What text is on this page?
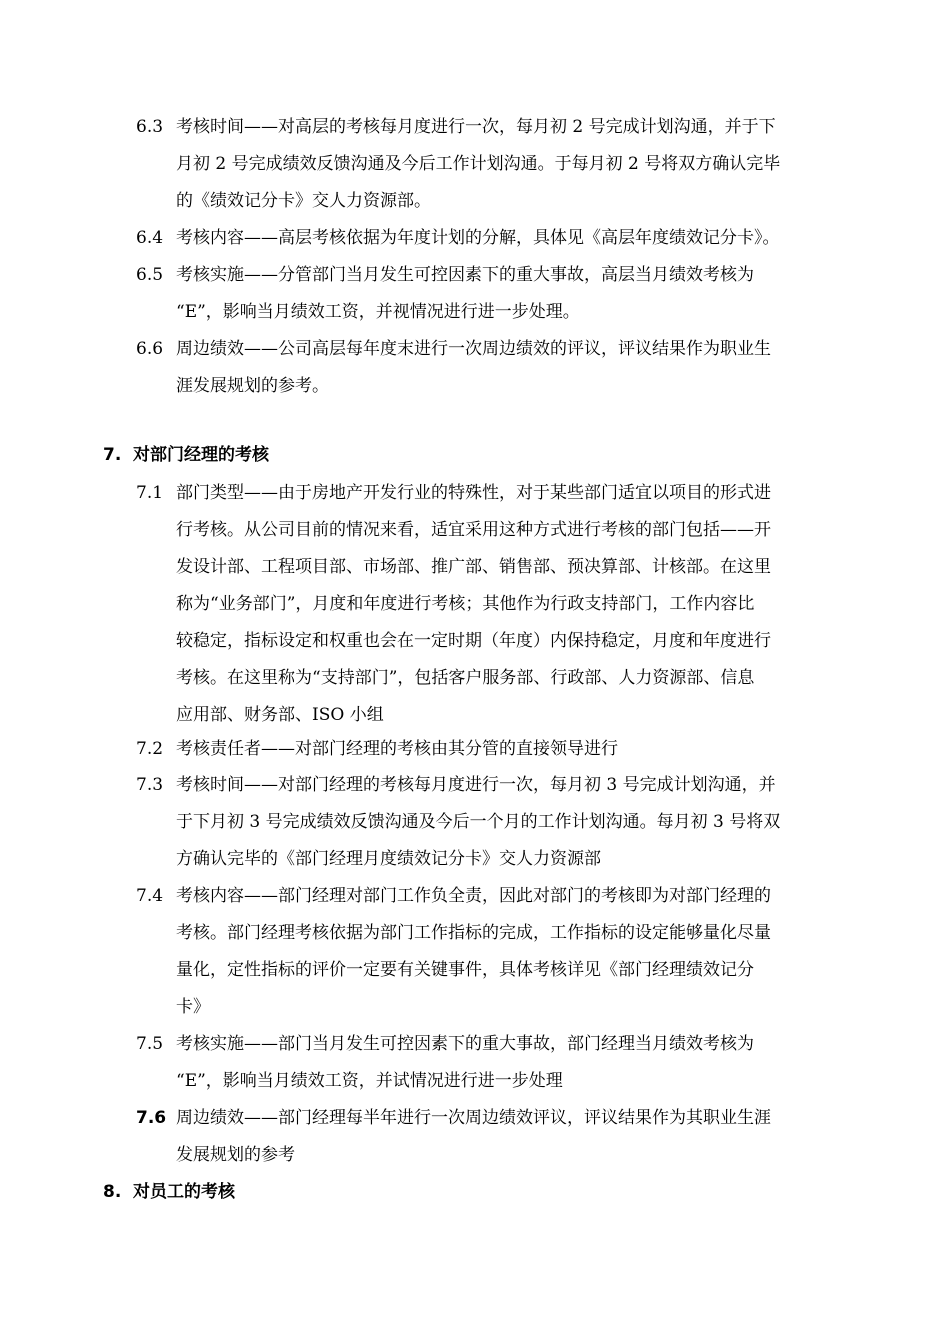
6.3 考核时间——对高层的考核每月度进行一次，每月初 2 号完成计划沟通，并于下
月初 2 号完成绩效反馈沟通及今后工作计划沟通。于每月初 2 号将双方确认完毕
的《绩效记分卡》交人力资源部。
6.4 考核内容——高层考核依据为年度计划的分解，具体见《高层年度绩效记分卡》。
6.5 考核实施——分管部门当月发生可控因素下的重大事故，高层当月绩效考核为
“E”，影响当月绩效工资，并视情况进行进一步处理。
6.6 周边绩效——公司高层每年度末进行一次周边绩效的评议，评议结果作为职业生
涯发展规划的参考。
7. 对部门经理的考核
7.1 部门类型——由于房地产开发行业的特殊性，对于某些部门适宜以项目的形式进
行考核。从公司目前的情况来看，适宜采用这种方式进行考核的部门包括——开
发设计部、工程项目部、市场部、推广部、销售部、预决算部、计核部。在这里
称为“业务部门”，月度和年度进行考核；其他作为行政支持部门，工作内容比
较稳定，指标设定和权重也会在一定时期（年度）内保持稳定，月度和年度进行
考核。在这里称为“支持部门”，包括客户服务部、行政部、人力资源部、信息
应用部、财务部、ISO 小组
7.2 考核责任者——对部门经理的考核由其分管的直接领导进行
7.3 考核时间——对部门经理的考核每月度进行一次，每月初 3 号完成计划沟通，并
于下月初 3 号完成绩效反馈沟通及今后一个月的工作计划沟通。每月初 3 号将双
方确认完毕的《部门经理月度绩效记分卡》交人力资源部
7.4 考核内容——部门经理对部门工作负全责，因此对部门的考核即为对部门经理的
考核。部门经理考核依据为部门工作指标的完成，工作指标的设定能够量化尽量
量化，定性指标的评价一定要有关键事件，具体考核详见《部门经理绩效记分
卡》
7.5 考核实施——部门当月发生可控因素下的重大事故，部门经理当月绩效考核为
“E”，影响当月绩效工资，并试情况进行进一步处理
7.6 周边绩效——部门经理每半年进行一次周边绩效评议，评议结果作为其职业生涯
发展规划的参考
8. 对员工的考核
